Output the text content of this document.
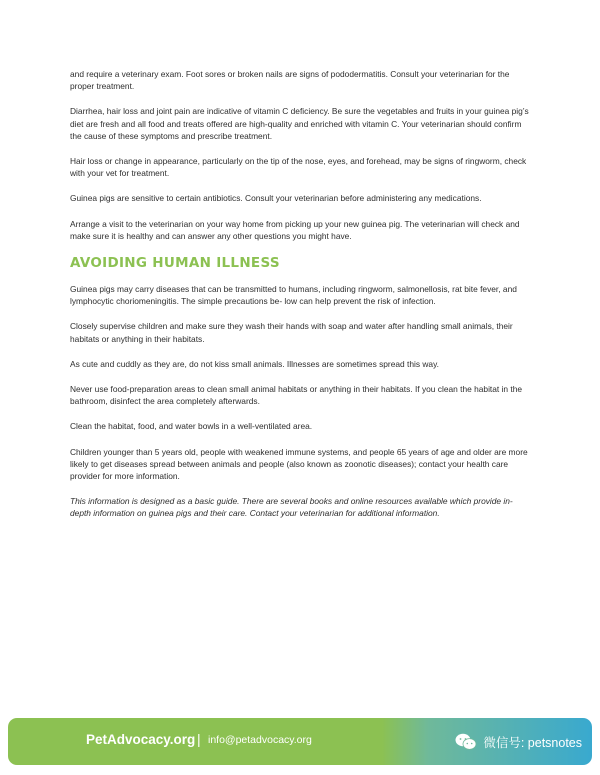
and require a veterinary exam. Foot sores or broken nails are signs of pododermatitis. Consult your veterinarian for the proper treatment.

Diarrhea, hair loss and joint pain are indicative of vitamin C deficiency. Be sure the vegetables and fruits in your guinea pig’s diet are fresh and all food and treats offered are high-quality and enriched with vitamin C. Your veterinarian should confirm the cause of these symptoms and prescribe treatment.

Hair loss or change in appearance, particularly on the tip of the nose, eyes, and forehead, may be signs of ringworm, check with your vet for treatment.

Guinea pigs are sensitive to certain antibiotics. Consult your veterinarian before administering any medications.

Arrange a visit to the veterinarian on your way home from picking up your new guinea pig. The veterinarian will check and make sure it is healthy and can answer any other questions you might have.

AVOIDING HUMAN ILLNESS

Guinea pigs may carry diseases that can be transmitted to humans, including ringworm, salmonellosis, rat bite fever, and lymphocytic choriomeningitis. The simple precautions be- low can help prevent the risk of infection.

Closely supervise children and make sure they wash their hands with soap and water after handling small animals, their habitats or anything in their habitats.

As cute and cuddly as they are, do not kiss small animals. Illnesses are sometimes spread this way.

Never use food-preparation areas to clean small animal habitats or anything in their habitats. If you clean the habitat in the bathroom, disinfect the area completely afterwards.

Clean the habitat, food, and water bowls in a well-ventilated area.

Children younger than 5 years old, people with weakened immune systems, and people 65 years of age and older are more likely to get diseases spread between animals and people (also known as zoonotic diseases); contact your health care provider for more information.

This information is designed as a basic guide. There are several books and online resources available which provide in-depth information on guinea pigs and their care. Contact your veterinarian for additional information.

PetAdvocacy.org | info@petadvocacy.org	微信号: petsnotes
